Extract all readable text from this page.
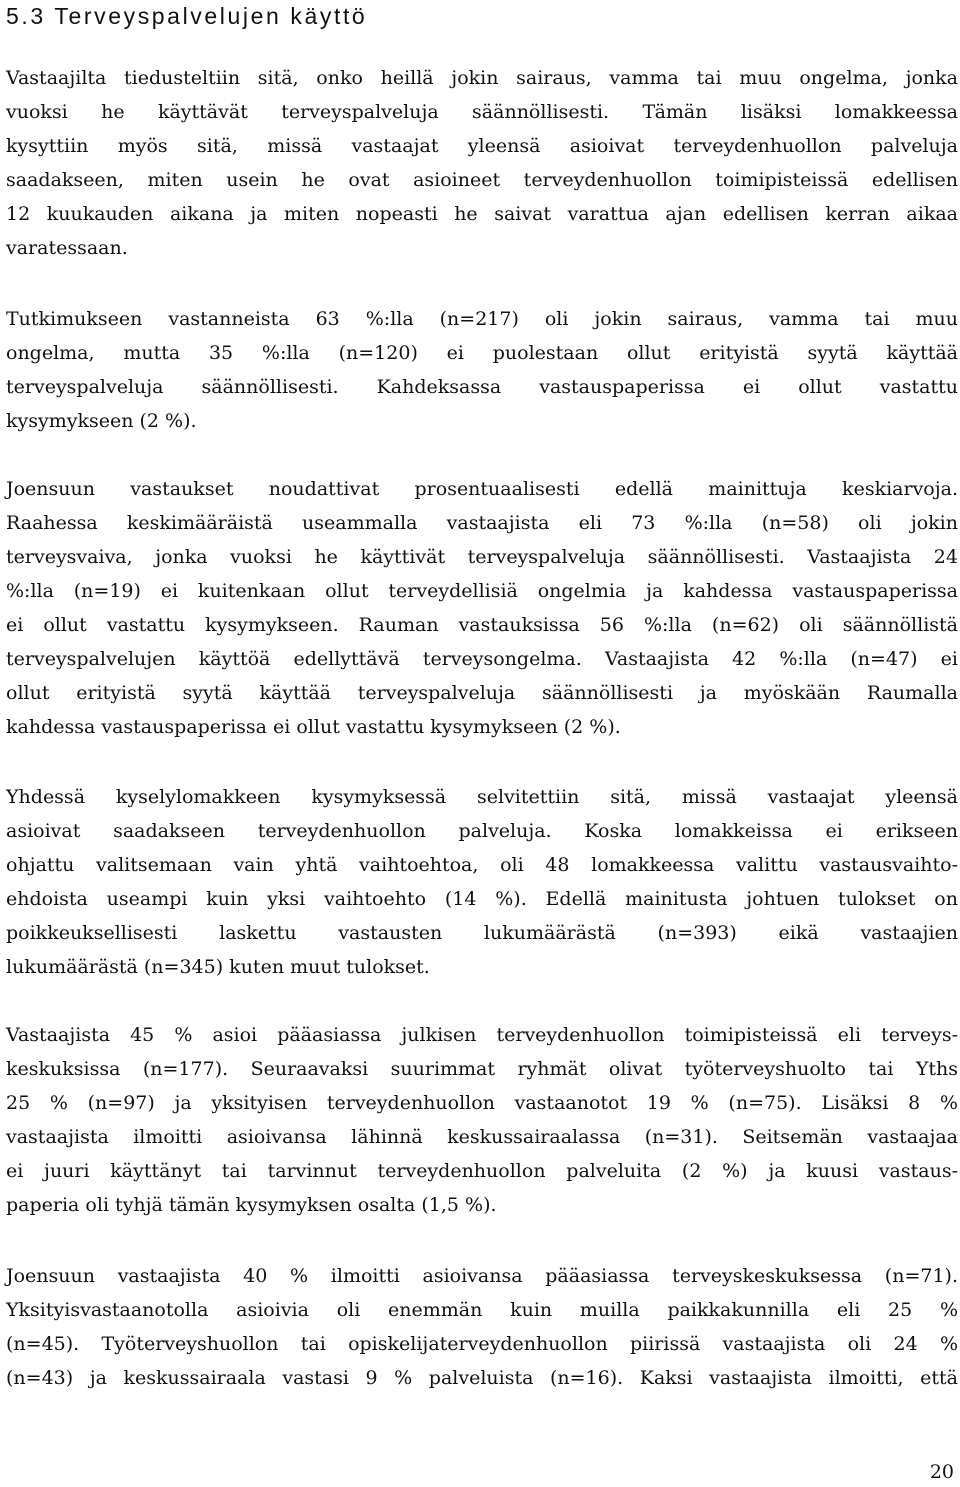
5.3 Terveyspalvelujen käyttö

Vastaajilta tiedusteltiin sitä, onko heillä jokin sairaus, vamma tai muu ongelma, jonka
vuoksi he käyttävät terveyspalveluja säännöllisesti. Tämän lisäksi lomakkeessa
kysyttiin myös sitä, missä vastaajat yleensä asioivat terveydenhuollon palveluja
saadakseen, miten usein he ovat asioineet terveydenhuollon toimipisteissä edellisen
12 kuukauden aikana ja miten nopeasti he saivat varattua ajan edellisen kerran aikaa
varatessaan.

Tutkimukseen vastanneista 63 %:lla (n=217) oli jokin sairaus, vamma tai muu
ongelma, mutta 35 %:lla (n=120) ei puolestaan ollut erityistä syytä käyttää
terveyspalveluja säännöllisesti. Kahdeksassa vastauspaperissa ei ollut vastattu
kysymykseen (2 %).

Joensuun vastaukset noudattivat prosentuaalisesti edellä mainittuja keskiarvoja.
Raahessa keskimääräistä useammalla vastaajista eli 73 %:lla (n=58) oli jokin
terveysvaiva, jonka vuoksi he käyttivät terveyspalveluja säännöllisesti. Vastaajista 24
%:lla (n=19) ei kuitenkaan ollut terveydellisiä ongelmia ja kahdessa vastauspaperissa
ei ollut vastattu kysymykseen. Rauman vastauksissa 56 %:lla (n=62) oli säännöllistä
terveyspalvelujen käyttöä edellyttävä terveysongelma. Vastaajista 42 %:lla (n=47) ei
ollut erityistä syytä käyttää terveyspalveluja säännöllisesti ja myöskään Raumalla
kahdessa vastauspaperissa ei ollut vastattu kysymykseen (2 %).

Yhdessä kyselylomakkeen kysymyksessä selvitettiin sitä, missä vastaajat yleensä
asioivat saadakseen terveydenhuollon palveluja. Koska lomakkeissa ei erikseen
ohjattu valitsemaan vain yhtä vaihtoehtoa, oli 48 lomakkeessa valittu vastausvaihto-
ehdoista useampi kuin yksi vaihtoehto (14 %). Edellä mainitusta johtuen tulokset on
poikkeuksellisesti laskettu vastausten lukumäärästä (n=393) eikä vastaajien
lukumäärästä (n=345) kuten muut tulokset.

Vastaajista 45 % asioi pääasiassa julkisen terveydenhuollon toimipisteissä eli terveys-
keskuksissa (n=177). Seuraavaksi suurimmat ryhmät olivat työterveyshuolto tai Yths
25 % (n=97) ja yksityisen terveydenhuollon vastaanotot 19 % (n=75). Lisäksi 8 %
vastaajista ilmoitti asioivansa lähinnä keskussairaalassa (n=31). Seitsemän vastaajaa
ei juuri käyttänyt tai tarvinnut terveydenhuollon palveluita (2 %) ja kuusi vastaus-
paperia oli tyhjä tämän kysymyksen osalta (1,5 %).

Joensuun vastaajista 40 % ilmoitti asioivansa pääasiassa terveyskeskuksessa (n=71).
Yksityisvastaanotolla asioivia oli enemmän kuin muilla paikkakunnilla eli 25 %
(n=45). Työterveyshuollon tai opiskelijaterveydenhuollon piirissä vastaajista oli 24 %
(n=43) ja keskussairaala vastasi 9 % palveluista (n=16). Kaksi vastaajista ilmoitti, että

20
